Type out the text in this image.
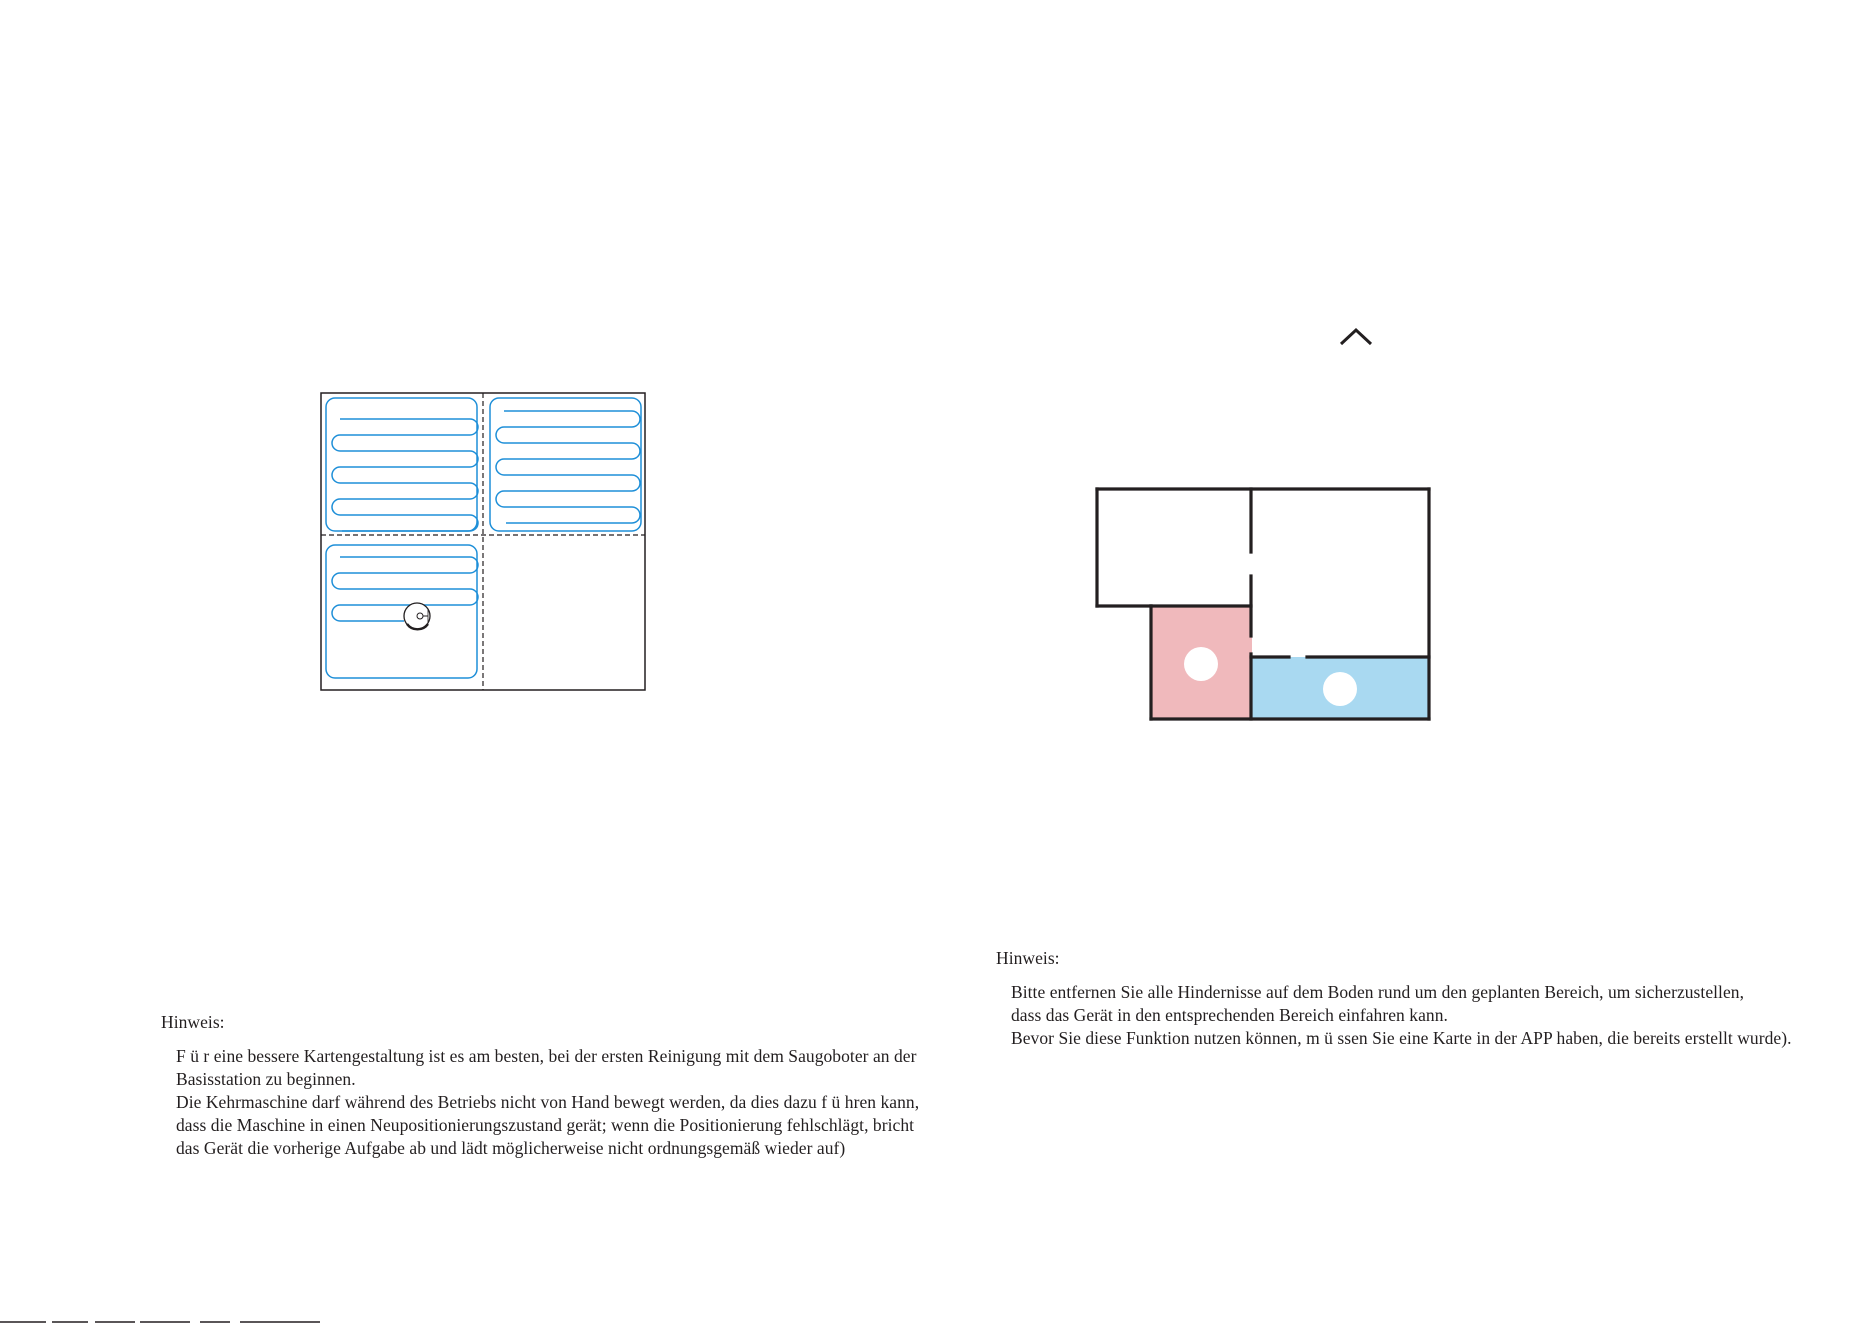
Hinweis:

F ü r eine bessere Kartengestaltung ist es am besten, bei der ersten Reinigung mit dem Saugoboter an der

Basisstation zu beginnen.

Die Kehrmaschine darf während des Betriebs nicht von Hand bewegt werden, da dies dazu f ü hren kann,

dass die Maschine in einen Neupositionierungszustand gerät; wenn die Positionierung fehlschlägt, bricht

das Gerät die vorherige Aufgabe ab und lädt möglicherweise nicht ordnungsgemäß wieder auf)

Hinweis:

Bitte entfernen Sie alle Hindernisse auf dem Boden rund um den geplanten Bereich, um sicherzustellen,

dass das Gerät in den entsprechenden Bereich einfahren kann.

Bevor Sie diese Funktion nutzen können, m ü ssen Sie eine Karte in der APP haben, die bereits erstellt wurde).
